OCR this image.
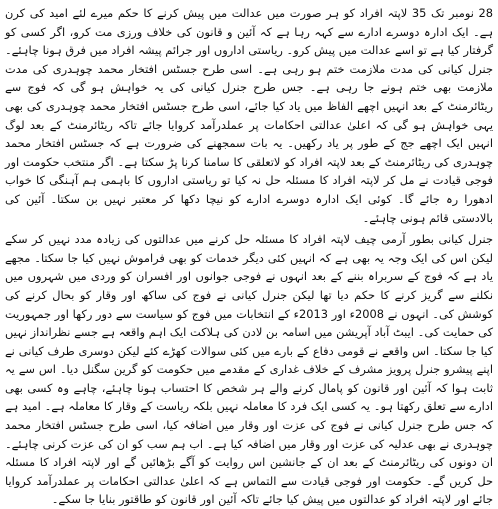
28 نومبر تک 35 لاپتہ افراد کو ہر صورت میں عدالت میں پیش کرنے کا حکم میرے لئے امید کی کرن ہے۔ ایک ادارہ دوسرے ادارے سے کہہ رہا ہے کہ آئین و قانون کی خلاف ورزی مت کرو، اگر کسی کو گرفتار کیا ہے تو اسے عدالت میں پیش کرو۔ ریاستی اداروں اور جرائم پیشہ افراد میں فرق ہونا چاہئے۔ جنرل کیانی کی مدت ملازمت ختم ہو رہی ہے۔ اسی طرح جسٹس افتخار محمد چوہدری کی مدت ملازمت بھی ختم ہونے جا رہی ہے۔ جس طرح جنرل کیانی کی یہ خواہش ہو گی کہ فوج سے ریٹائرمنٹ کے بعد انہیں اچھے الفاظ میں یاد کیا جائے، اسی طرح جسٹس افتخار محمد چوہدری کی بھی یہی خواہش ہو گی کہ اعلیٰ عدالتی احکامات پر عملدرآمد کروایا جائے تاکہ ریٹائرمنٹ کے بعد لوگ انہیں ایک اچھے جج کے طور پر یاد رکھیں۔ یہ بات سمجھنے کی ضرورت ہے کہ جسٹس افتخار محمد چوہدری کی ریٹائرمنٹ کے بعد لاپتہ افراد کو لاتعلقی کا سامنا کرنا پڑ سکتا ہے۔ اگر منتخب حکومت اور فوجی قیادت نے مل کر لاپتہ افراد کا مسئلہ حل نہ کیا تو ریاستی اداروں کا باہمی ہم آہنگی کا خواب ادھورا رہ جائے گا۔ کوئی ایک ادارہ دوسرے ادارے کو نیچا دکھا کر معتبر نہیں بن سکتا۔ آئین کی بالادستی قائم ہونی چاہئے۔

جنرل کیانی بطور آرمی چیف لاپتہ افراد کا مسئلہ حل کرنے میں عدالتوں کی زیادہ مدد نہیں کر سکے لیکن اس کی ایک وجہ یہ بھی ہے کہ انہیں کئی دیگر خدمات کو بھی فراموش نہیں کیا جا سکتا۔ مجھے یاد ہے کہ فوج کے سربراہ بننے کے بعد انہوں نے فوجی جوانوں اور افسران کو وردی میں شہروں میں نکلنے سے گریز کرنے کا حکم دیا تھا لیکن جنرل کیانی نے فوج کی ساکھ اور وقار کو بحال کرنے کی کوشش کی۔ انہوں نے 2008ء اور 2013ء کے انتخابات میں فوج کو سیاست سے دور رکھا اور جمہوریت کی حمایت کی۔ ایبٹ آباد آپریشن میں اسامہ بن لادن کی ہلاکت ایک اہم واقعہ ہے جسے نظرانداز نہیں کیا جا سکتا۔ اس واقعے نے قومی دفاع کے بارے میں کئی سوالات کھڑے کئے لیکن دوسری طرف کیانی نے اپنے پیشرو جنرل پرویز مشرف کے خلاف غداری کے مقدمے میں حکومت کو گرین سگنل دیا۔ اس سے یہ ثابت ہوا کہ آئین اور قانون کو پامال کرنے والے ہر شخص کا احتساب ہونا چاہئے، چاہے وہ کسی بھی ادارے سے تعلق رکھتا ہو۔ یہ کسی ایک فرد کا معاملہ نہیں بلکہ ریاست کے وقار کا معاملہ ہے۔ امید ہے کہ جس طرح جنرل کیانی نے فوج کی عزت اور وقار میں اضافہ کیا، اسی طرح جسٹس افتخار محمد چوہدری نے بھی عدلیہ کی عزت اور وقار میں اضافہ کیا ہے۔ اب ہم سب کو ان کی عزت کرنی چاہئے۔ ان دونوں کی ریٹائرمنٹ کے بعد ان کے جانشین اس روایت کو آگے بڑھائیں گے اور لاپتہ افراد کا مسئلہ حل کریں گے۔ حکومت اور فوجی قیادت سے التماس ہے کہ اعلیٰ عدالتی احکامات پر عملدرآمد کروایا جائے اور لاپتہ افراد کو عدالتوں میں پیش کیا جائے تاکہ آئین اور قانون کو طاقتور بنایا جا سکے۔
